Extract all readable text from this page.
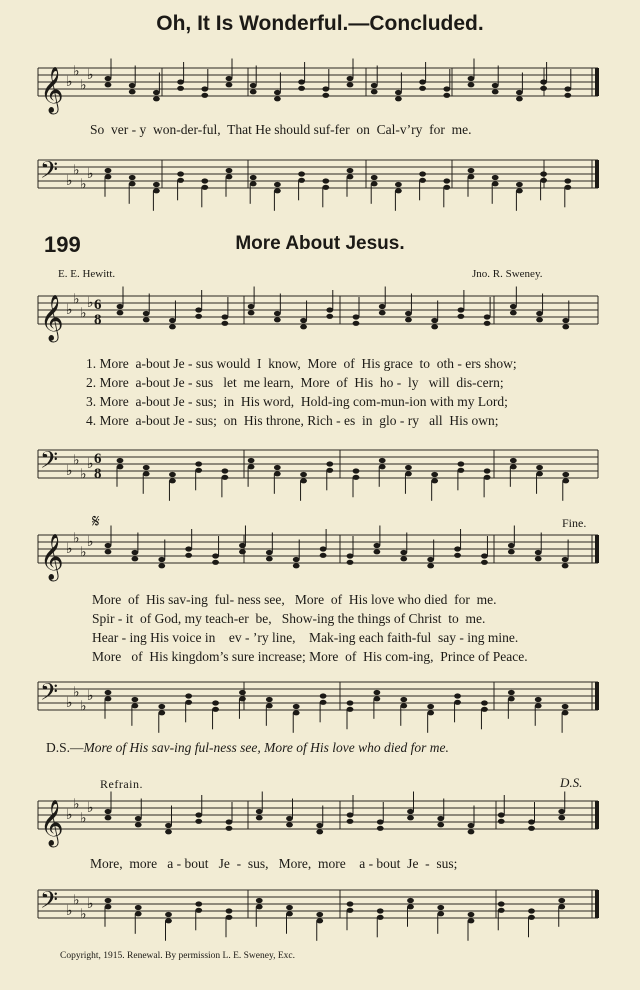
Oh, It Is Wonderful.—Concluded.
𝄞 ♭
♭
♭
♭
So  ver - y  won-der-ful,  That He should suf-fer  on  Cal-v’ry  for  me.
𝄢 ♭
♭
♭
♭
199	More About Jesus.
E. E. Hewitt.	Jno. R. Sweney.
𝄞 ♭
♭
♭
♭ 6
8
1. More  a-bout Je - sus would  I  know,  More  of  His grace  to  oth - ers show;
2. More  a-bout Je - sus   let  me learn,  More  of  His  ho -  ly   will  dis-cern;
3. More  a-bout Je - sus;  in  His word,  Hold-ing com-mun-ion with my Lord;
4. More  a-bout Je - sus;  on  His throne, Rich - es  in  glo - ry   all  His own;
𝄢 ♭
♭
♭
♭ 6
8
Fine.
𝄞 ♭
♭
♭
♭
𝄋
More  of  His sav-ing  ful- ness see,   More  of  His love who died  for  me.
Spir - it  of God, my teach-er  be,   Show-ing the things of Christ  to  me.
Hear - ing His voice in    ev - ’ry line,    Mak-ing each faith-ful  say - ing mine.
More   of  His kingdom’s sure increase; More  of  His com-ing,  Prince of Peace.
𝄢 ♭
♭
♭
♭
D.S.—More of His sav-ing ful-ness see, More of His love who died for me.
Refrain.	D.S.
𝄞 ♭
♭
♭
♭
More,  more   a - bout   Je  -  sus,   More,  more    a - bout  Je  -  sus;
𝄢 ♭
♭
♭
♭
Copyright, 1915. Renewal. By permission L. E. Sweney, Exc.
